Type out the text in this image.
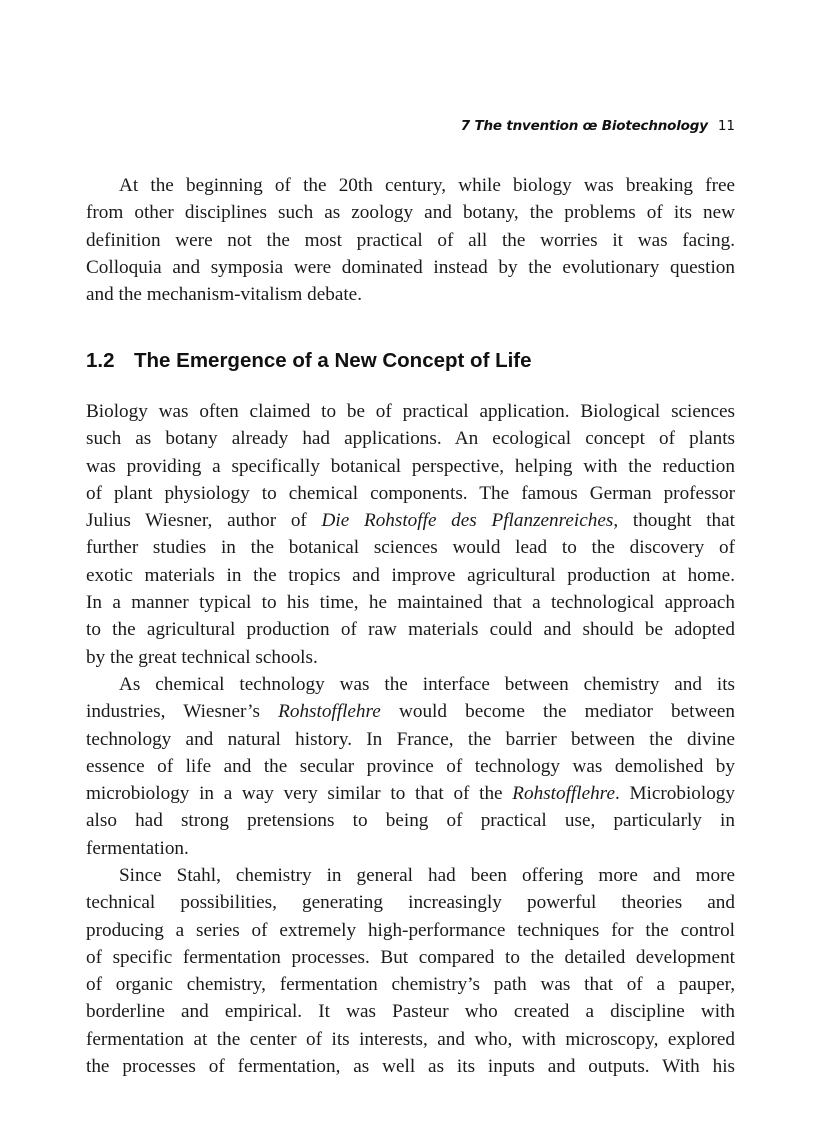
7 The tnvention œ Biotechnology 11
At the beginning of the 20th century, while biology was breaking free
from other disciplines such as zoology and botany, the problems of its new
definition were not the most practical of all the worries it was facing.
Colloquia and symposia were dominated instead by the evolutionary question
and the mechanism-vitalism debate.
1.2 The Emergence of a New Concept of Life
Biology was often claimed to be of practical application. Biological sciences
such as botany already had applications. An ecological concept of plants
was providing a specifically botanical perspective, helping with the reduction
of plant physiology to chemical components. The famous German professor
Julius Wiesner, author of Die Rohstoffe des Pflanzenreiches, thought that
further studies in the botanical sciences would lead to the discovery of
exotic materials in the tropics and improve agricultural production at home.
In a manner typical to his time, he maintained that a technological approach
to the agricultural production of raw materials could and should be adopted
by the great technical schools.
As chemical technology was the interface between chemistry and its
industries, Wiesner’s Rohstofflehre would become the mediator between
technology and natural history. In France, the barrier between the divine
essence of life and the secular province of technology was demolished by
microbiology in a way very similar to that of the Rohstofflehre. Microbiology
also had strong pretensions to being of practical use, particularly in
fermentation.
Since Stahl, chemistry in general had been offering more and more
technical possibilities, generating increasingly powerful theories and
producing a series of extremely high-performance techniques for the control
of specific fermentation processes. But compared to the detailed development
of organic chemistry, fermentation chemistry’s path was that of a pauper,
borderline and empirical. It was Pasteur who created a discipline with
fermentation at the center of its interests, and who, with microscopy, explored
the processes of fermentation, as well as its inputs and outputs. With his
